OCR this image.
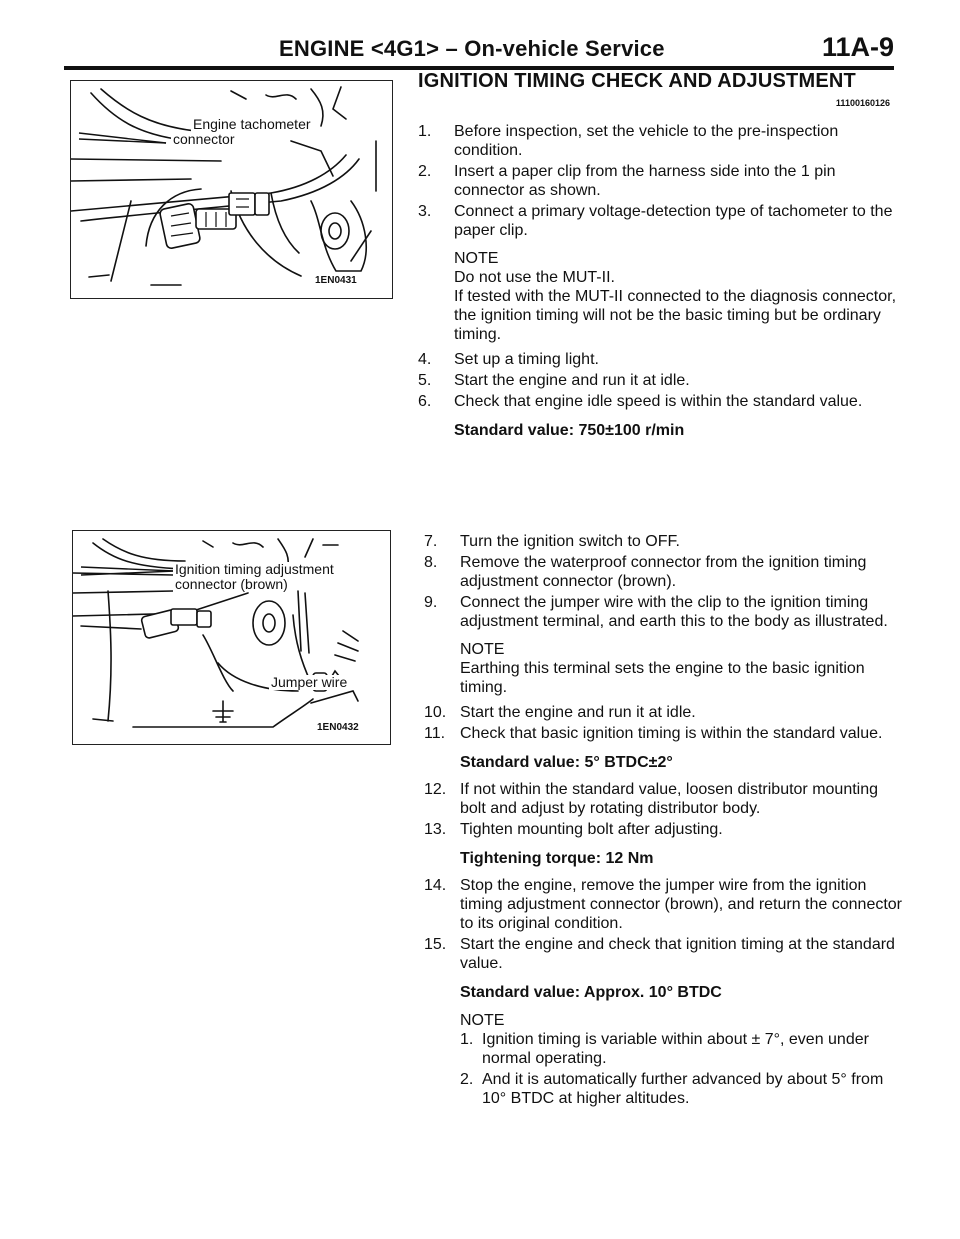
ENGINE <4G1> – On-vehicle Service	11A-9
Engine tachometer
connector
1EN0431
Ignition timing adjustment
connector (brown)
Jumper wire
1EN0432
IGNITION TIMING CHECK AND ADJUSTMENT
11100160126
1. Before inspection, set the vehicle to the pre-inspection condition.
2. Insert a paper clip from the harness side into the 1 pin connector as shown.
3. Connect a primary voltage-detection type of tachometer to the paper clip.
NOTE
Do not use the MUT-II.
If tested with the MUT-II connected to the diagnosis connector, the ignition timing will not be the basic timing but be ordinary timing.
4. Set up a timing light.
5. Start the engine and run it at idle.
6. Check that engine idle speed is within the standard value.
Standard value: 750±100 r/min
7. Turn the ignition switch to OFF.
8. Remove the waterproof connector from the ignition timing adjustment connector (brown).
9. Connect the jumper wire with the clip to the ignition timing adjustment terminal, and earth this to the body as illustrated.
NOTE
Earthing this terminal sets the engine to the basic ignition timing.
10. Start the engine and run it at idle.
11. Check that basic ignition timing is within the standard value.
Standard value: 5° BTDC±2°
12. If not within the standard value, loosen distributor mounting bolt and adjust by rotating distributor body.
13. Tighten mounting bolt after adjusting.
Tightening torque: 12 Nm
14. Stop the engine, remove the jumper wire from the ignition timing adjustment connector (brown), and return the connector to its original condition.
15. Start the engine and check that ignition timing at the standard value.
Standard value: Approx. 10° BTDC
NOTE
1. Ignition timing is variable within about ± 7°, even under normal operating.
2. And it is automatically further advanced by about 5° from 10° BTDC at higher altitudes.
